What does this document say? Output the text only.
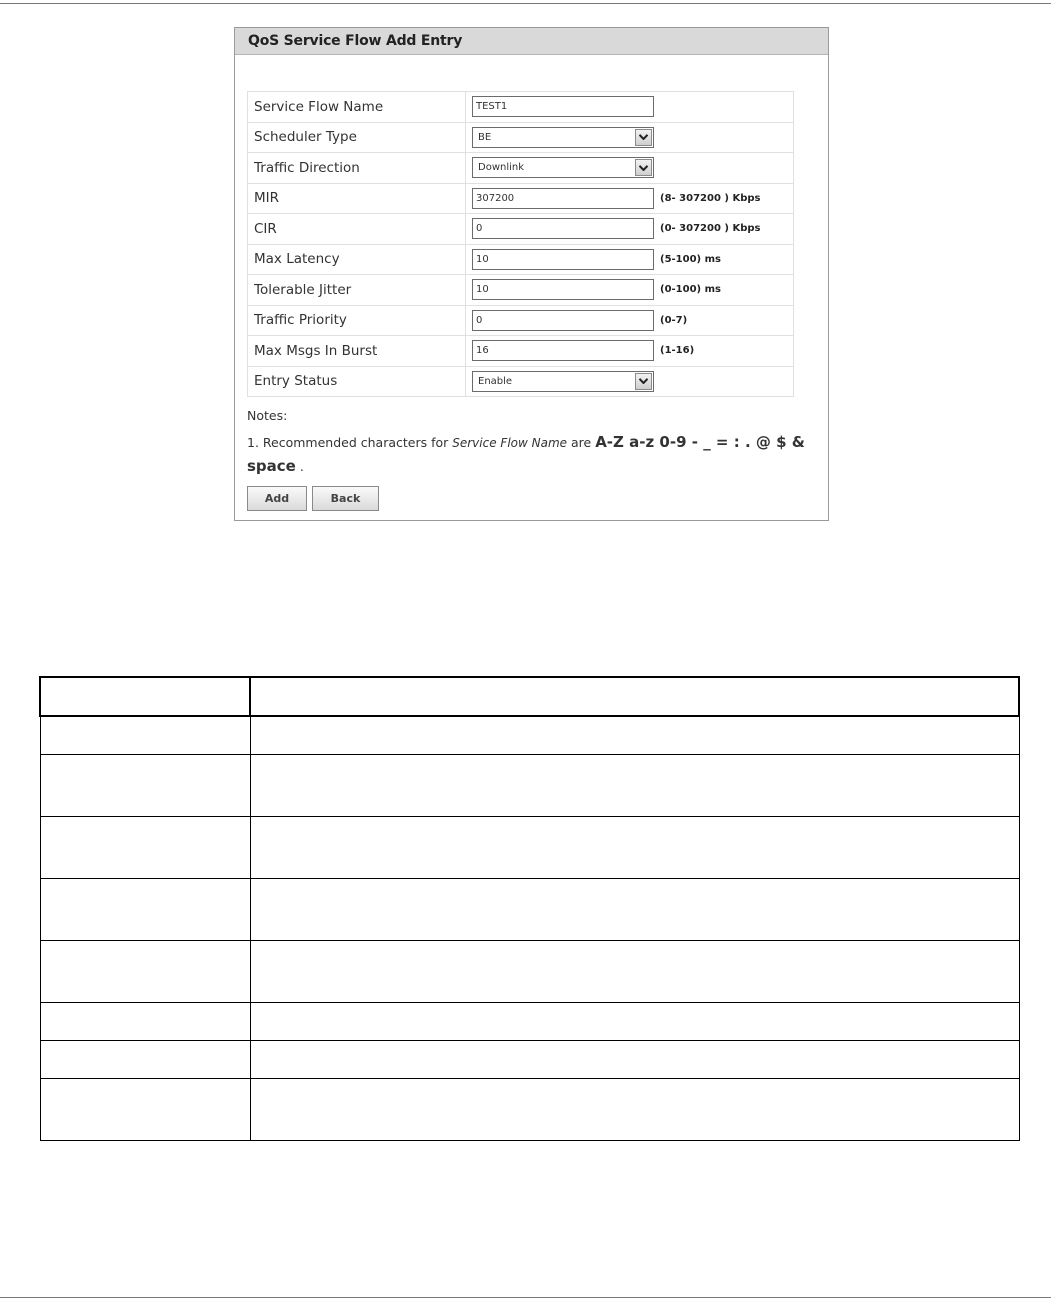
QoS Service Flow Add Entry
Service Flow Name	TEST1
Scheduler Type	BE

Traffic Direction	Downlink

MIR	307200(8- 307200 ) Kbps
CIR	0(0- 307200 ) Kbps
Max Latency	10(5-100) ms
Tolerable Jitter	10(0-100) ms
Traffic Priority	0(0-7)
Max Msgs In Burst	16(1-16)
Entry Status	Enable
Notes:
1. Recommended characters for Service Flow Name are A-Z a-z 0-9 - _ = : . @ $ & space .
Add	Back
